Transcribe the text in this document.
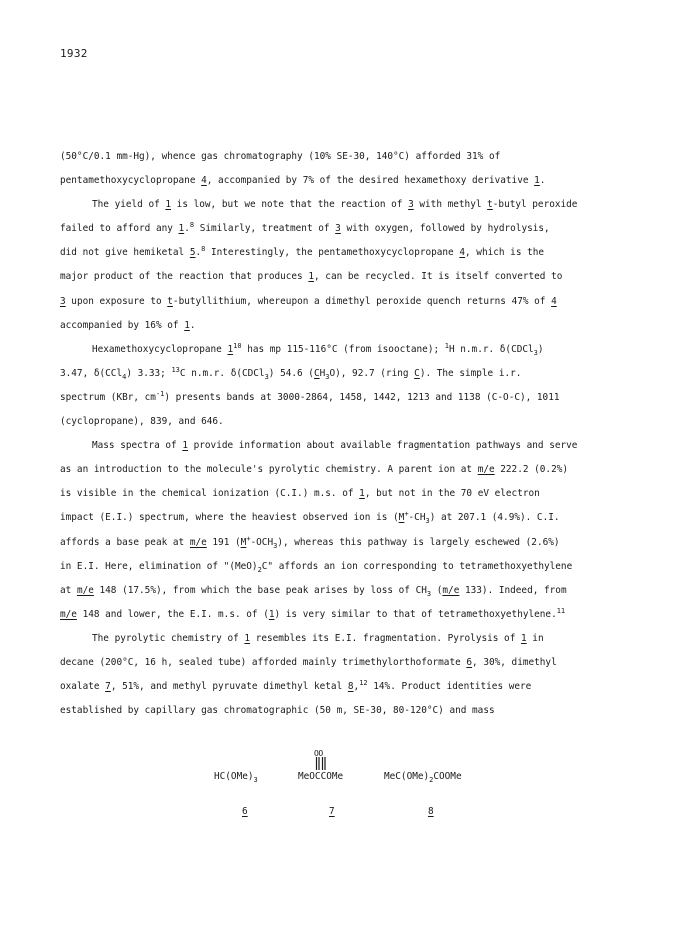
1932
(50°C/0.1 mm-Hg), whence gas chromatography (10% SE-30, 140°C) afforded 31% of
pentamethoxycyclopropane 4, accompanied by 7% of the desired hexamethoxy derivative 1.
The yield of 1 is low, but we note that the reaction of 3 with methyl t-butyl peroxide
failed to afford any 1.$^8$ Similarly, treatment of 3 with oxygen, followed by hydrolysis,
did not give hemiketal 5.$^8$ Interestingly, the pentamethoxycyclopropane 4, which is the
major product of the reaction that produces 1, can be recycled. It is itself converted to
3 upon exposure to t-butyllithium, whereupon a dimethyl peroxide quench returns 47% of 4
accompanied by 16% of 1.
Hexamethoxycyclopropane $1^{10}$ has mp 115-116°C (from isooctane); $^1$H n.m.r. δ(CDCl$_3$)
3.47, δ(CCl$_4$) 3.33; $^{13}$C n.m.r. δ(CDCl$_3$) 54.6 $(CH_3O)$, 92.7 (ring C). The simple i.r.
spectrum (KBr, $cm^{-1}$) presents bands at 3000-2864, 1458, 1442, 1213 and 1138 (C-O-C), 1011
(cyclopropane), 839, and 646.
Mass spectra of 1 provide information about available fragmentation pathways and serve
as an introduction to the molecule's pyrolytic chemistry. A parent ion at m/e 222.2 (0.2%)
is visible in the chemical ionization (C.I.) m.s. of 1, but not in the 70 eV electron
impact (E.I.) spectrum, where the heaviest observed ion is $(M^+-CH_3)$ at 207.1 (4.9%). C.I.
affords a base peak at m/e 191 $(M^+-OCH_3)$, whereas this pathway is largely eschewed (2.6%)
in E.I. Here, elimination of "$(MeO)_2C$" affords an ion corresponding to tetramethoxyethylene
at m/e 148 (17.5%), from which the base peak arises by loss of $CH_3$ (m/e 133). Indeed, from
m/e 148 and lower, the E.I. m.s. of (1) is very similar to that of tetramethoxyethylene.$^{11}$
The pyrolytic chemistry of 1 resembles its E.I. fragmentation. Pyrolysis of 1 in
decane (200°C, 16 h, sealed tube) afforded mainly trimethylorthoformate 6, 30%, dimethyl
oxalate 7, 51%, and methyl pyruvate dimethyl ketal 8,12 14%. Product identities were
established by capillary gas chromatographic (50 m, SE-30, 80-120°C) and mass
$HC(OMe)_3$
OO
MeOCCOMe	$MeC(OMe)_2COOMe$
6	7	8
